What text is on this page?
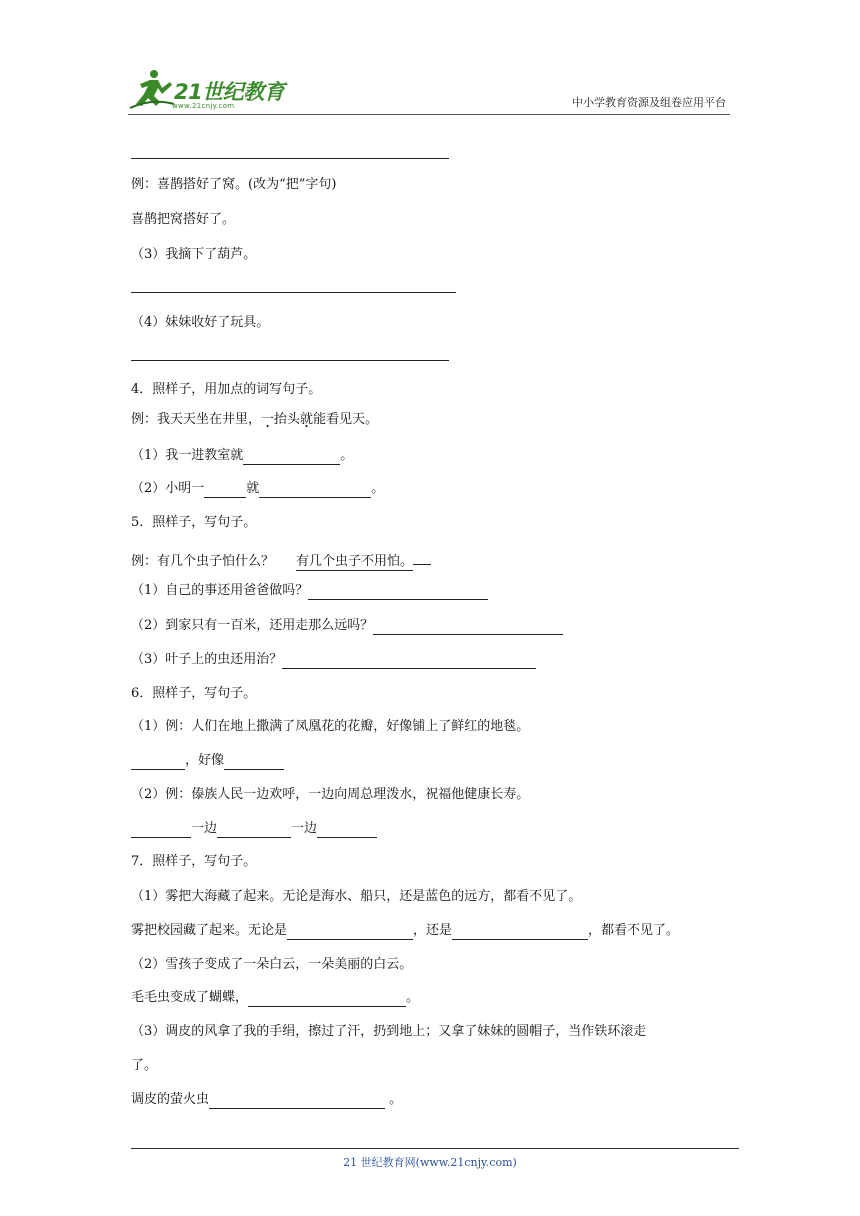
21世纪教育
www.21cnjy.com	中小学教育资源及组卷应用平台
例：喜鹊搭好了窝。(改为“把”字句)
喜鹊把窝搭好了。
（3）我摘下了葫芦。
（4）妹妹收好了玩具。
4．照样子，用加点的词写句子。
例：我天天坐在井里，一抬头就能看见天。
（1）我一进教室就	。
（2）小明一	就	。
5．照样子，写句子。
例：有几个虫子怕什么？ 有几个虫子不用怕。
（1）自己的事还用爸爸做吗？
（2）到家只有一百米，还用走那么远吗？
（3）叶子上的虫还用治？
6．照样子，写句子。
（1）例：人们在地上撒满了凤凰花的花瓣，好像铺上了鲜红的地毯。
，好像
（2）例：傣族人民一边欢呼，一边向周总理泼水，祝福他健康长寿。
一边	一边
7．照样子，写句子。
（1）雾把大海藏了起来。无论是海水、船只，还是蓝色的远方，都看不见了。
雾把校园藏了起来。无论是	，还是	，都看不见了。
（2）雪孩子变成了一朵白云，一朵美丽的白云。
毛毛虫变成了蝴蝶，	。
（3）调皮的风拿了我的手绢，擦过了汗，扔到地上；又拿了妹妹的圆帽子，当作铁环滚走
了。
调皮的萤火虫	。
21 世纪教育网(www.21cnjy.com)
